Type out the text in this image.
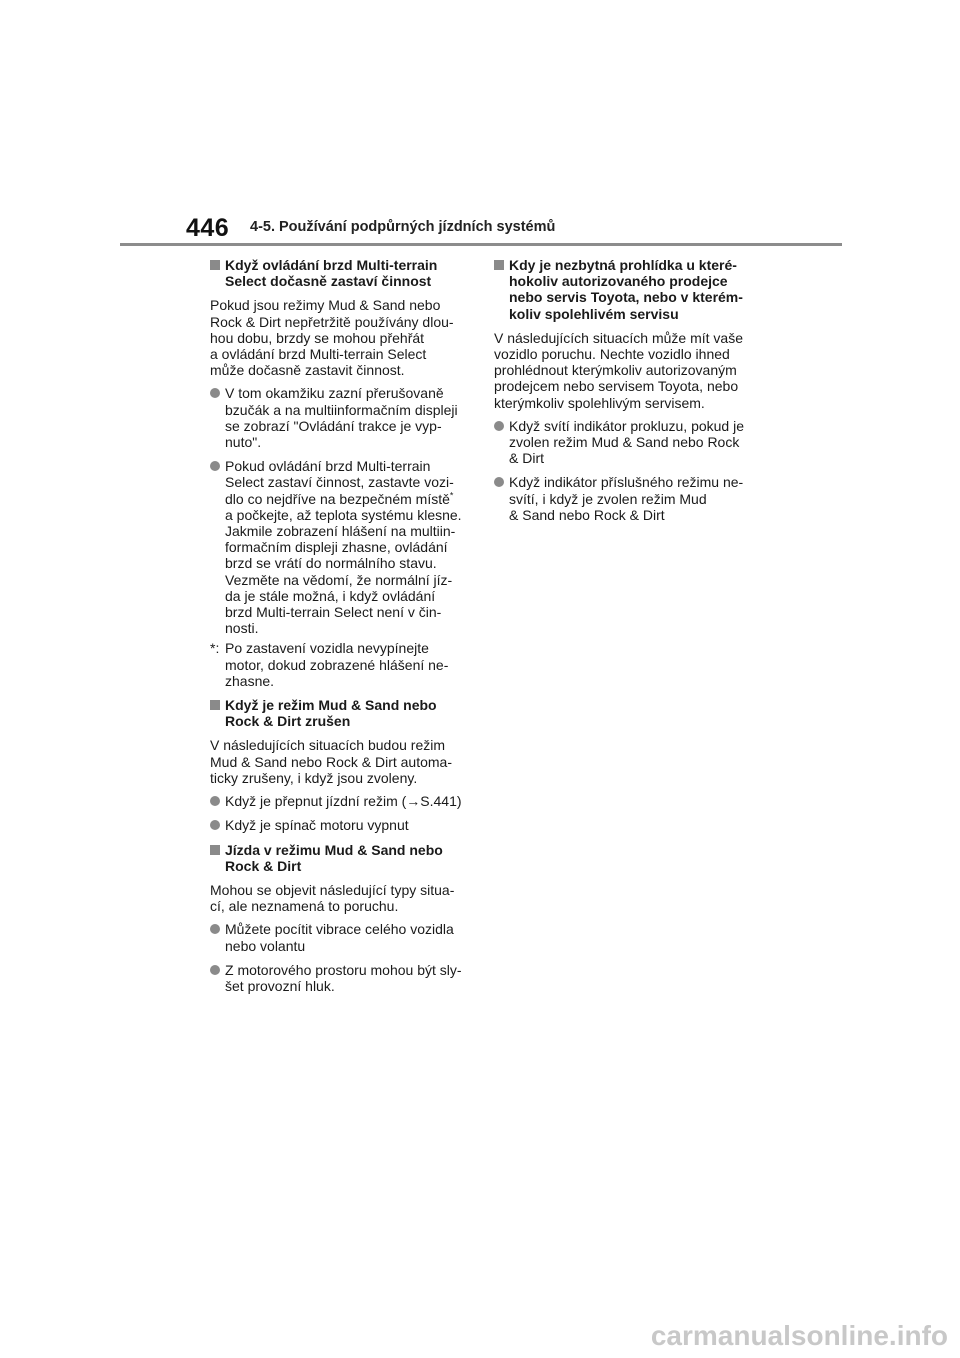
446 4-5. Používání podpůrných jízdních systémů
Když ovládání brzd Multi-terrain
Select dočasně zastaví činnost
Pokud jsou režimy Mud & Sand nebo
Rock & Dirt nepřetržitě používány dlou-
hou dobu, brzdy se mohou přehřát
a ovládání brzd Multi-terrain Select
může dočasně zastavit činnost.
V tom okamžiku zazní přerušovaně
bzučák a na multiinformačním displeji
se zobrazí "Ovládání trakce je vyp-
nuto".
Pokud ovládání brzd Multi-terrain
Select zastaví činnost, zastavte vozi-
dlo co nejdříve na bezpečném místě*
a počkejte, až teplota systému klesne.
Jakmile zobrazení hlášení na multiin-
formačním displeji zhasne, ovládání
brzd se vrátí do normálního stavu.
Vezměte na vědomí, že normální jíz-
da je stále možná, i když ovládání
brzd Multi-terrain Select není v čin-
nosti.
*: Po zastavení vozidla nevypínejte
motor, dokud zobrazené hlášení ne-
zhasne.
Když je režim Mud & Sand nebo
Rock & Dirt zrušen
V následujících situacích budou režim
Mud & Sand nebo Rock & Dirt automa-
ticky zrušeny, i když jsou zvoleny.
Když je přepnut jízdní režim (→S.441)
Když je spínač motoru vypnut
Jízda v režimu Mud & Sand nebo
Rock & Dirt
Mohou se objevit následující typy situa-
cí, ale neznamená to poruchu.
Můžete pocítit vibrace celého vozidla
nebo volantu
Z motorového prostoru mohou být sly-
šet provozní hluk.
Kdy je nezbytná prohlídka u které-
hokoliv autorizovaného prodejce
nebo servis Toyota, nebo v kterém-
koliv spolehlivém servisu
V následujících situacích může mít vaše
vozidlo poruchu. Nechte vozidlo ihned
prohlédnout kterýmkoliv autorizovaným
prodejcem nebo servisem Toyota, nebo
kterýmkoliv spolehlivým servisem.
Když svítí indikátor prokluzu, pokud je
zvolen režim Mud & Sand nebo Rock
& Dirt
Když indikátor příslušného režimu ne-
svítí, i když je zvolen režim Mud
& Sand nebo Rock & Dirt
carmanualsonline.info
